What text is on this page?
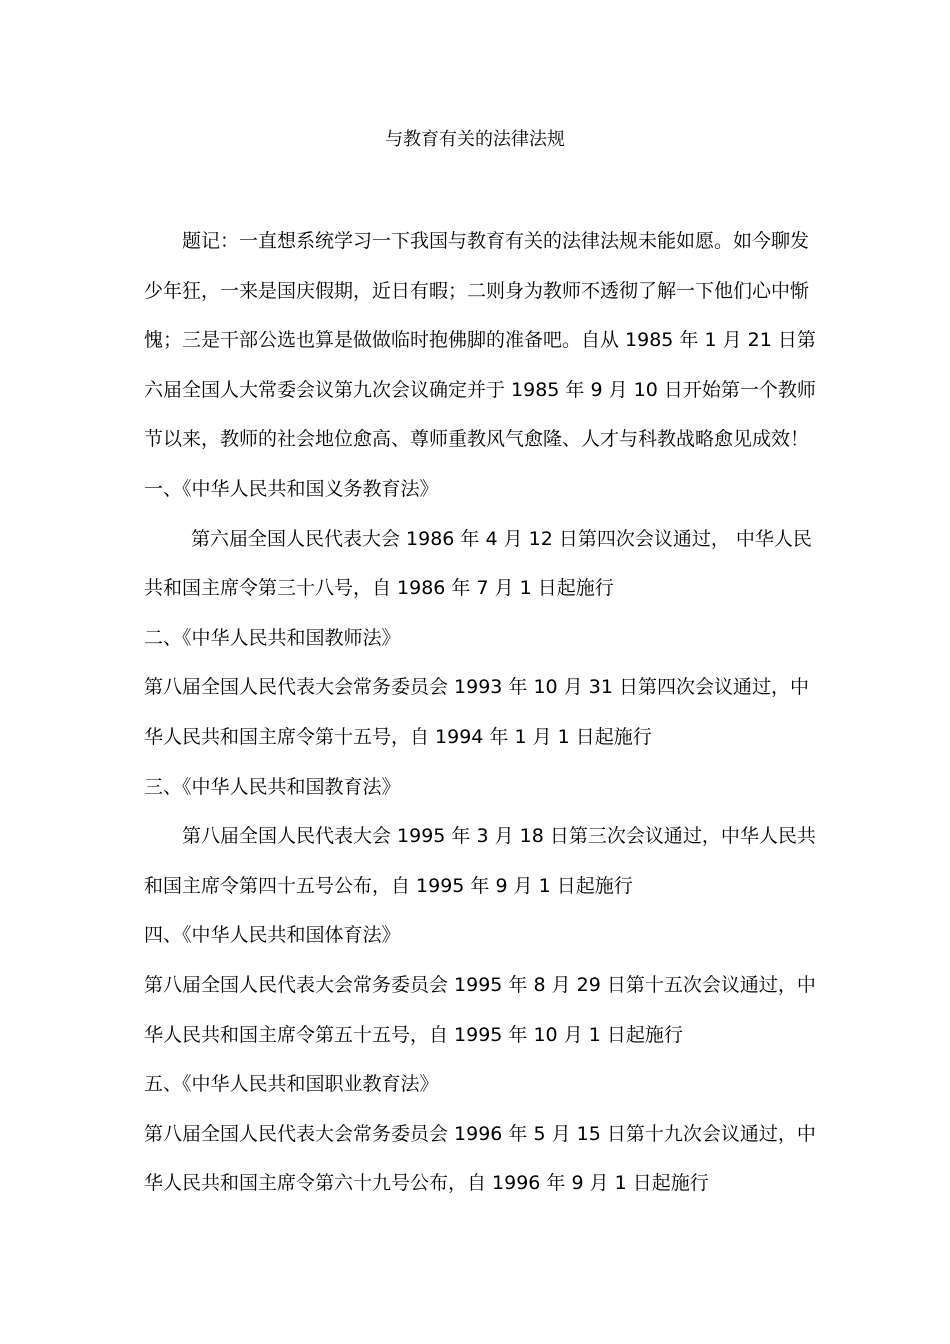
与教育有关的法律法规
题记：一直想系统学习一下我国与教育有关的法律法规未能如愿。如今聊发
少年狂，一来是国庆假期，近日有暇；二则身为教师不透彻了解一下他们心中惭
愧；三是干部公选也算是做做临时抱佛脚的准备吧。自从 1985 年 1 月 21 日第
六届全国人大常委会议第九次会议确定并于 1985 年 9 月 10 日开始第一个教师
节以来，教师的社会地位愈高、尊师重教风气愈隆、人才与科教战略愈见成效！
一、《中华人民共和国义务教育法》
第六届全国人民代表大会 1986 年 4 月 12 日第四次会议通过， 中华人民
共和国主席令第三十八号，自 1986 年 7 月 1 日起施行
二、《中华人民共和国教师法》
第八届全国人民代表大会常务委员会 1993 年 10 月 31 日第四次会议通过，中
华人民共和国主席令第十五号，自 1994 年 1 月 1 日起施行
三、《中华人民共和国教育法》
第八届全国人民代表大会 1995 年 3 月 18 日第三次会议通过，中华人民共
和国主席令第四十五号公布，自 1995 年 9 月 1 日起施行
四、《中华人民共和国体育法》
第八届全国人民代表大会常务委员会 1995 年 8 月 29 日第十五次会议通过，中
华人民共和国主席令第五十五号，自 1995 年 10 月 1 日起施行
五、《中华人民共和国职业教育法》
第八届全国人民代表大会常务委员会 1996 年 5 月 15 日第十九次会议通过，中
华人民共和国主席令第六十九号公布，自 1996 年 9 月 1 日起施行
